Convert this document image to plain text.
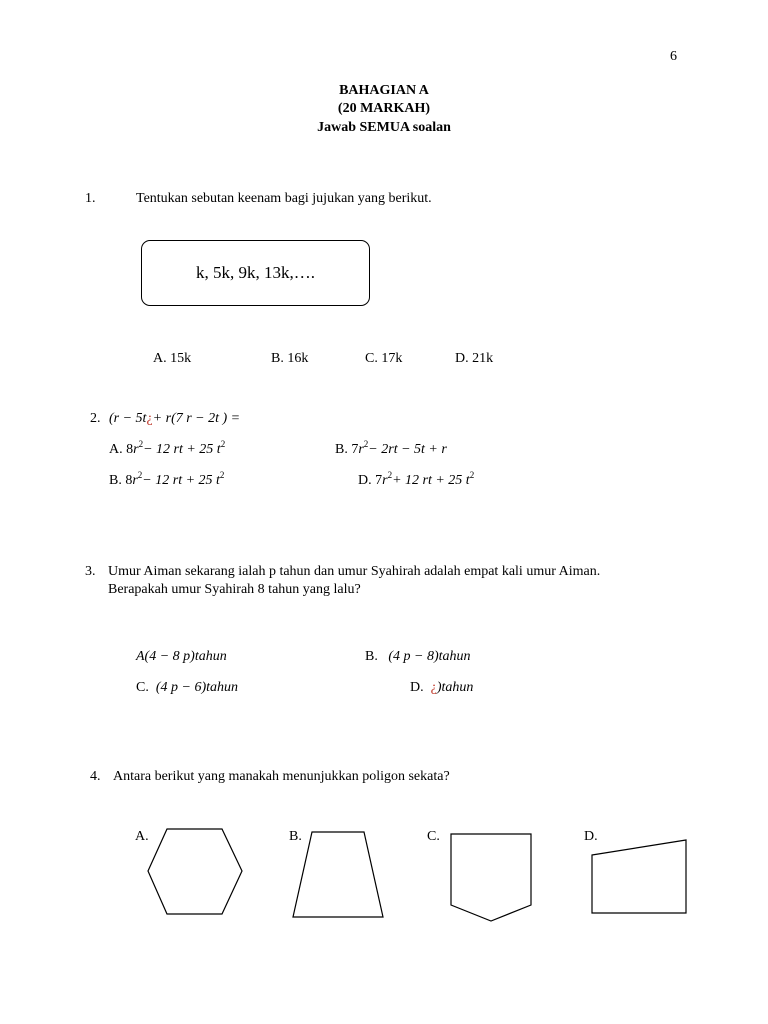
6
BAHAGIAN A
(20 MARKAH)
Jawab SEMUA soalan
1.	Tentukan sebutan keenam bagi jujukan yang berikut.
k, 5k, 9k, 13k,….
A. 15k	B. 16k	C. 17k	D. 21k
2. (r − 5t¿+ r(7 r − 2t ) =
A. $8r^2- 12$ rt + 25 $t^2$	B. $7r^2- 2rt - 5t + r$
B. $8r^2- 12$ rt + 25 $t^2$	D. $7r^2+ 12$ rt + 25 $t^2$
3. Umur Aiman sekarang ialah p tahun dan umur Syahirah adalah empat kali umur Aiman.
Berapakah umur Syahirah 8 tahun yang lalu?
A(4 − 8 p)tahun	B. (4 p − 8)tahun
C. (4 p − 6)tahun	D. ¿)tahun
4. Antara berikut yang manakah menunjukkan poligon sekata?
A.	B.	C.	D.
